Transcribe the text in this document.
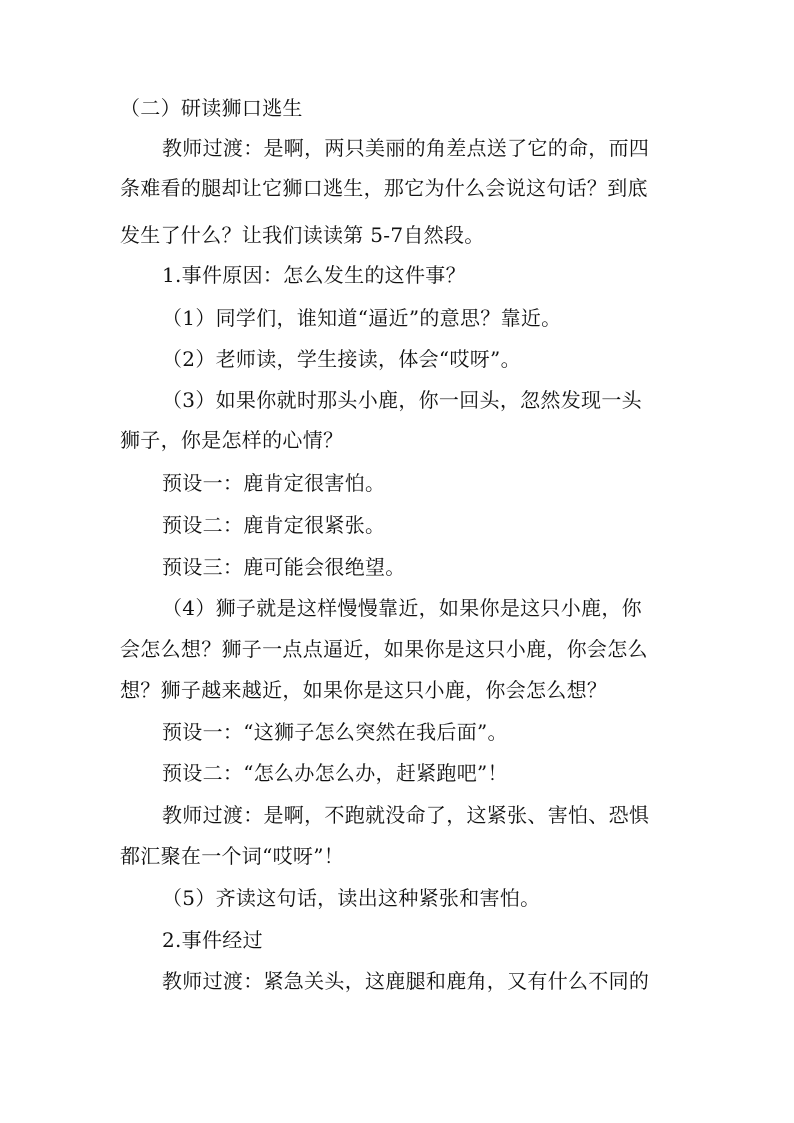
（二）研读狮口逃生
教师过渡：是啊，两只美丽的角差点送了它的命，而四
条难看的腿却让它狮口逃生，那它为什么会说这句话？到底
发生了什么？让我们读读第 5-7自然段。
1.事件原因：怎么发生的这件事？
（1）同学们，谁知道“逼近”的意思？靠近。
（2）老师读，学生接读，体会“哎呀”。
（3）如果你就时那头小鹿，你一回头，忽然发现一头
狮子，你是怎样的心情？
预设一：鹿肯定很害怕。
预设二：鹿肯定很紧张。
预设三：鹿可能会很绝望。
（4）狮子就是这样慢慢靠近，如果你是这只小鹿，你
会怎么想？狮子一点点逼近，如果你是这只小鹿，你会怎么
想？狮子越来越近，如果你是这只小鹿，你会怎么想？
预设一：“这狮子怎么突然在我后面”。
预设二：“怎么办怎么办，赶紧跑吧”！
教师过渡：是啊，不跑就没命了，这紧张、害怕、恐惧
都汇聚在一个词“哎呀”！
（5）齐读这句话，读出这种紧张和害怕。
2.事件经过
教师过渡：紧急关头，这鹿腿和鹿角，又有什么不同的
